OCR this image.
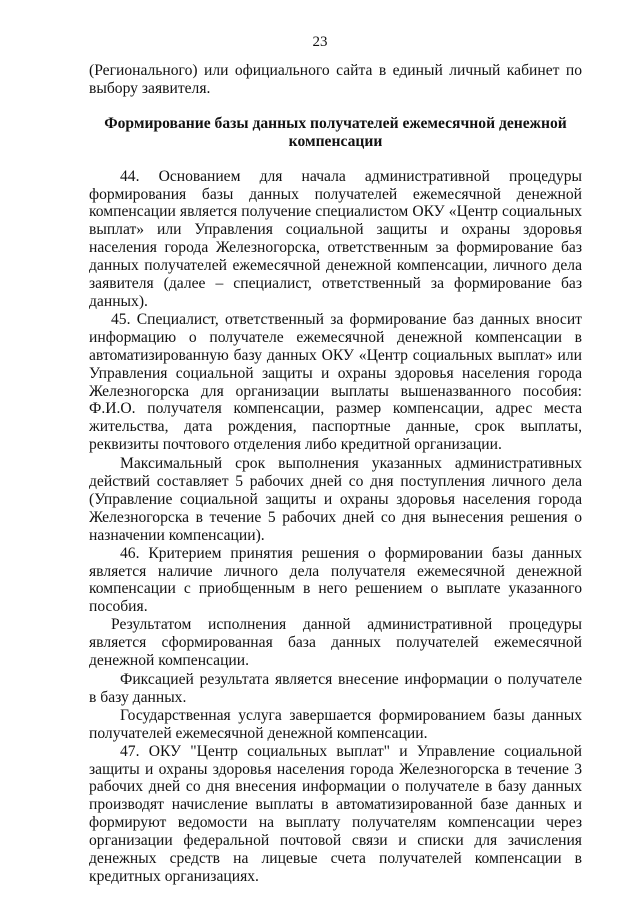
23

(Регионального) или официального сайта в единый личный кабинет по выбору заявителя.

Формирование базы данных получателей ежемесячной денежной компенсации

44. Основанием для начала административной процедуры формирования базы данных получателей ежемесячной денежной компенсации является получение специалистом ОКУ «Центр социальных выплат» или Управления социальной защиты и охраны здоровья населения города Железногорска, ответственным за формирование баз данных получателей ежемесячной денежной компенсации, личного дела заявителя (далее – специалист, ответственный за формирование баз данных).

45. Специалист, ответственный за формирование баз данных вносит информацию о получателе ежемесячной денежной компенсации в автоматизированную базу данных ОКУ «Центр социальных выплат» или Управления социальной защиты и охраны здоровья населения города Железногорска для организации выплаты вышеназванного пособия: Ф.И.О. получателя компенсации, размер компенсации, адрес места жительства, дата рождения, паспортные данные, срок выплаты, реквизиты почтового отделения либо кредитной организации.

Максимальный срок выполнения указанных административных действий составляет 5 рабочих дней со дня поступления личного дела (Управление социальной защиты и охраны здоровья населения города Железногорска в течение 5 рабочих дней со дня вынесения решения о назначении компенсации).

46. Критерием принятия решения о формировании базы данных является наличие личного дела получателя ежемесячной денежной компенсации с приобщенным в него решением о выплате указанного пособия.

Результатом исполнения данной административной процедуры является сформированная база данных получателей ежемесячной денежной компенсации.

Фиксацией результата является внесение информации о получателе в базу данных.

Государственная услуга завершается формированием базы данных получателей ежемесячной денежной компенсации.

47. ОКУ "Центр социальных выплат" и Управление социальной защиты и охраны здоровья населения города Железногорска в течение 3 рабочих дней со дня внесения информации о получателе в базу данных производят начисление выплаты в автоматизированной базе данных и формируют ведомости на выплату получателям компенсации через организации федеральной почтовой связи и списки для зачисления денежных средств на лицевые счета получателей компенсации в кредитных организациях.
